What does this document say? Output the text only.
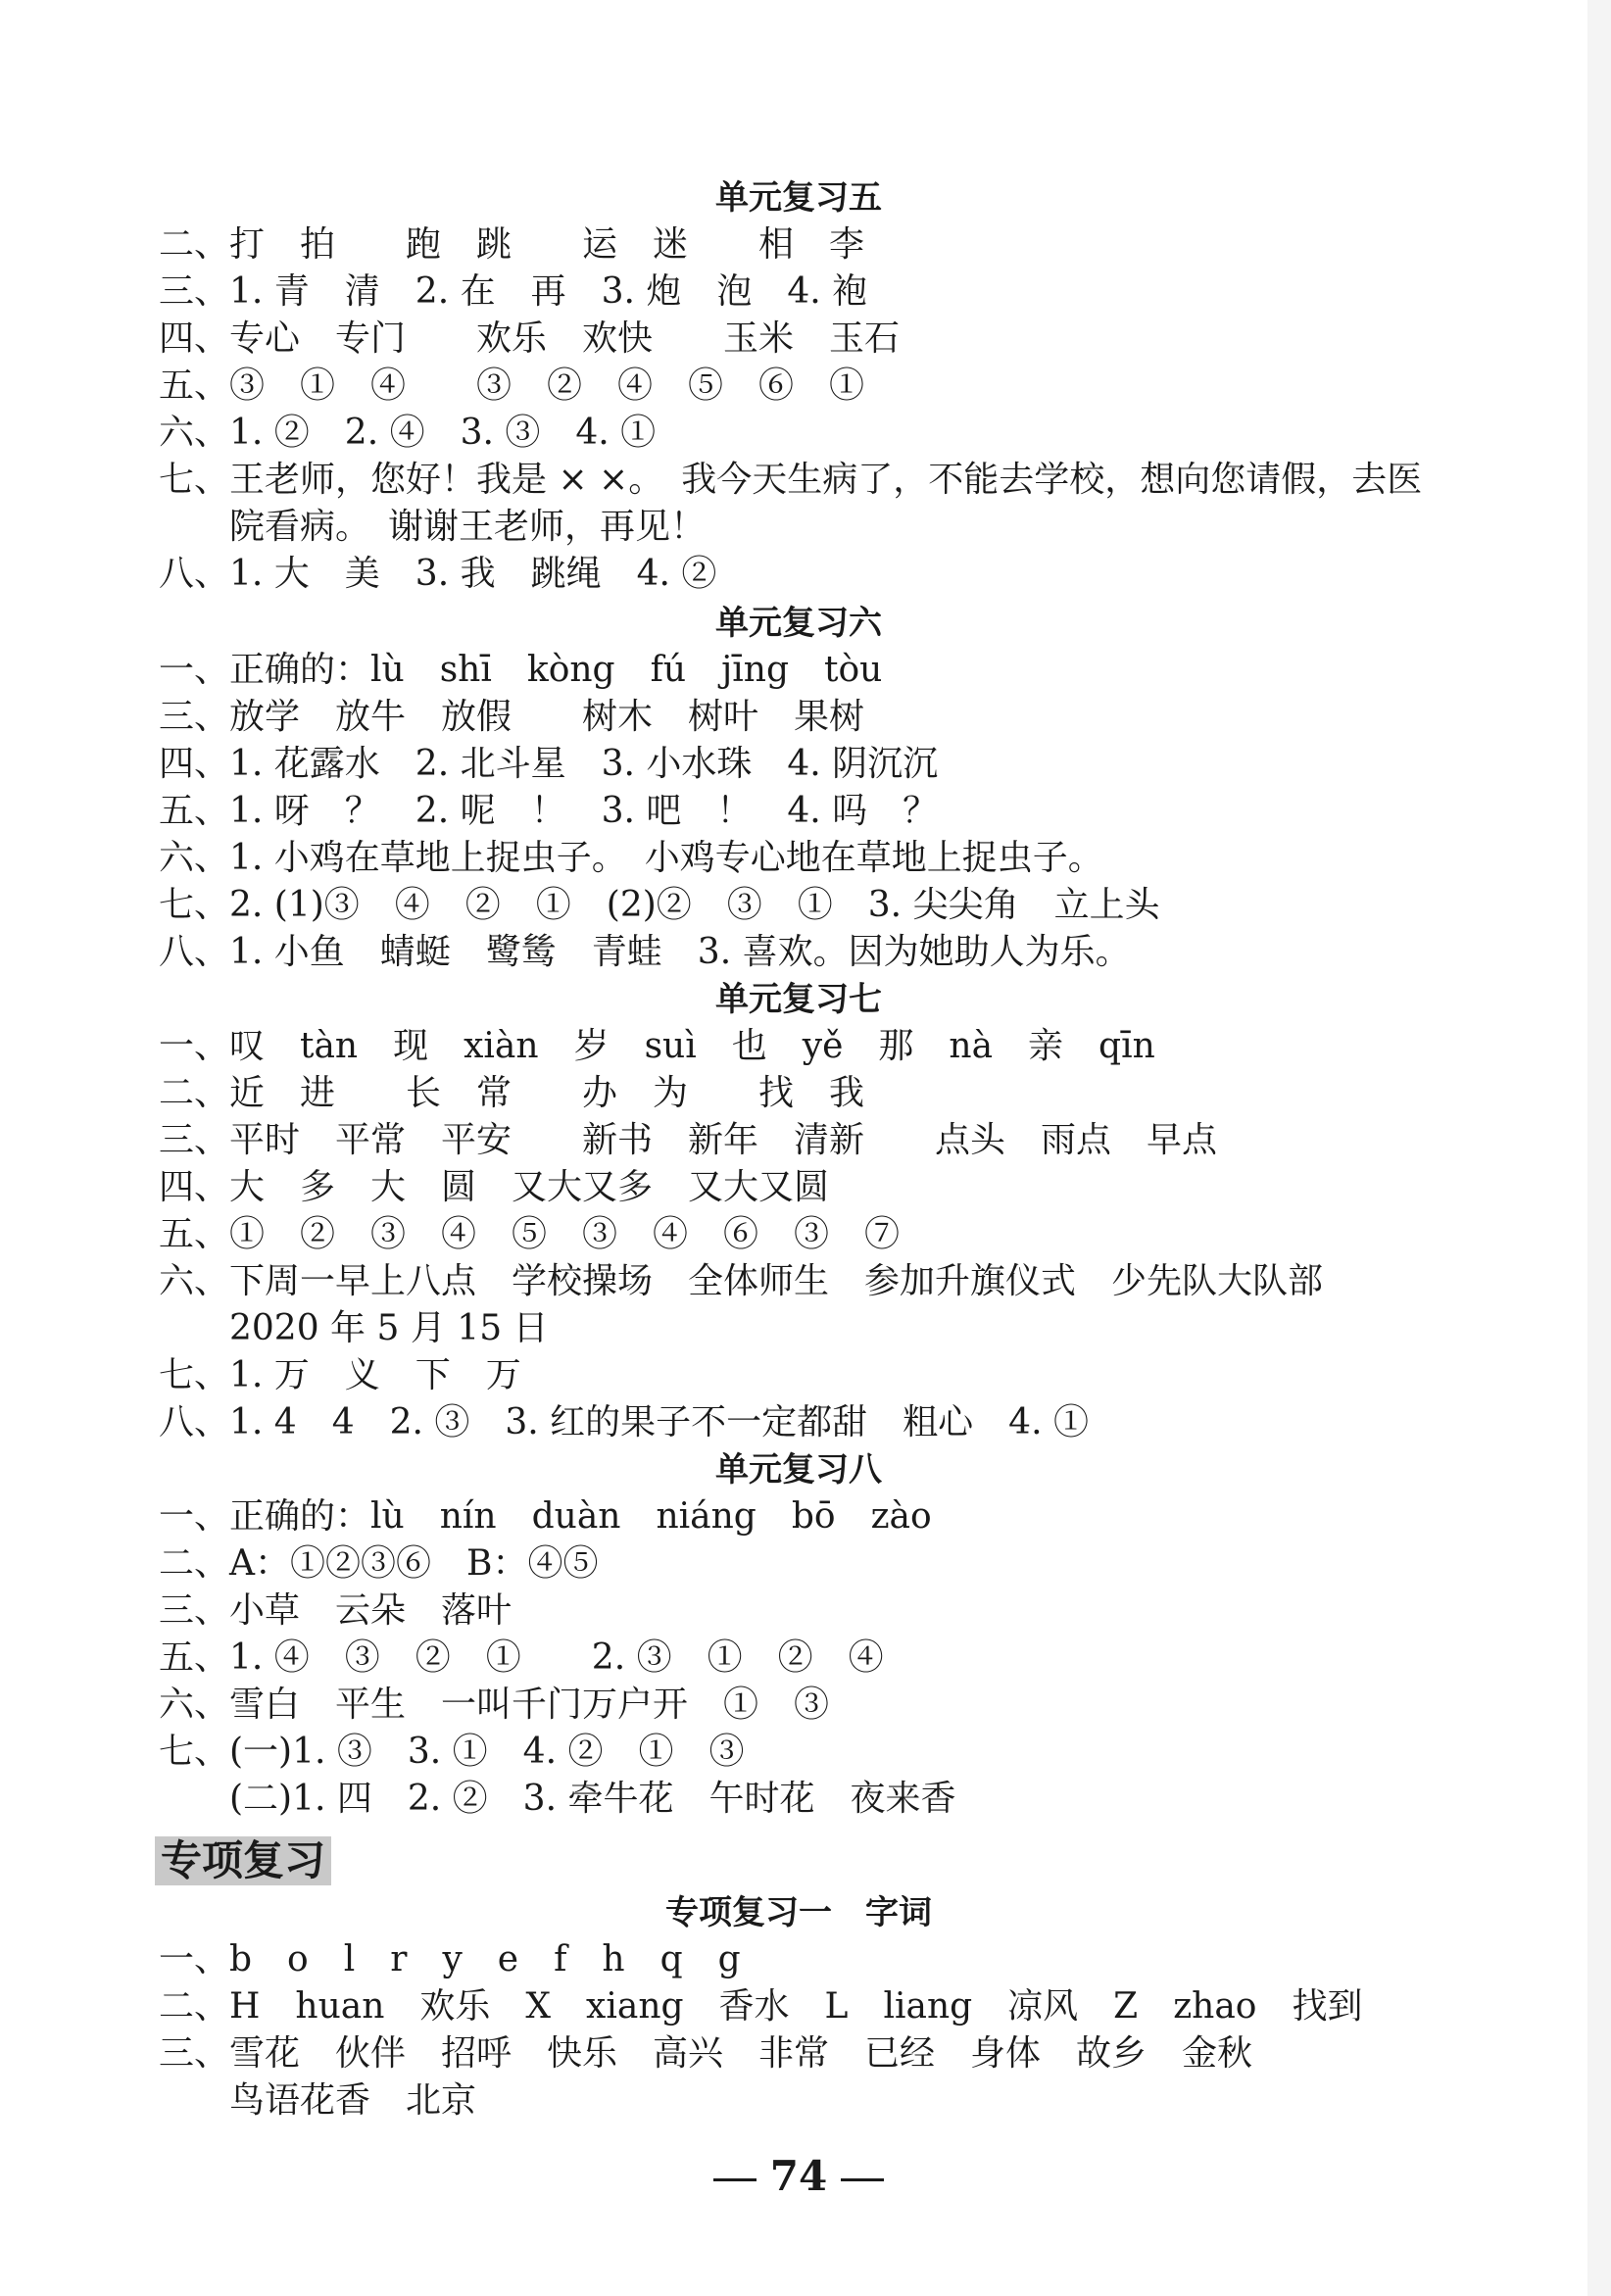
单元复习五
二、打　拍　　跑　跳　　运　迷　　相　李
三、1. 青　清　2. 在　再　3. 炮　泡　4. 袍
四、专心　专门　　欢乐　欢快　　玉米　玉石
五、③　①　④　　③　②　④　⑤　⑥　①
六、1. ②　2. ④　3. ③　4. ①
七、王老师，您好！我是 × ×。　我今天生病了，不能去学校，想向您请假，去医
　　院看病。　谢谢王老师，再见！
八、1. 大　美　3. 我　跳绳　4. ②
单元复习六
一、正确的：lù　shī　kòng　fú　jīng　tòu
三、放学　放牛　放假　　树木　树叶　果树
四、1. 花露水　2. 北斗星　3. 小水珠　4. 阴沉沉
五、1. 呀　？　2. 呢　！　3. 吧　！　4. 吗　？
六、1. 小鸡在草地上捉虫子。　小鸡专心地在草地上捉虫子。
七、2. (1)③　④　②　①　(2)②　③　①　3. 尖尖角　立上头
八、1. 小鱼　蜻蜓　鹭鸶　青蛙　3. 喜欢。因为她助人为乐。
单元复习七
一、叹　tàn　现　xiàn　岁　suì　也　yě　那　nà　亲　qīn
二、近　进　　长　常　　办　为　　找　我
三、平时　平常　平安　　新书　新年　清新　　点头　雨点　早点
四、大　多　大　圆　又大又多　又大又圆
五、①　②　③　④　⑤　③　④　⑥　③　⑦
六、下周一早上八点　学校操场　全体师生　参加升旗仪式　少先队大队部
　　2020 年 5 月 15 日
七、1. 万　义　下　万
八、1. 4　4　2. ③　3. 红的果子不一定都甜　粗心　4. ①
单元复习八
一、正确的：lù　nín　duàn　niáng　bō　zào
二、A：①②③⑥　B：④⑤
三、小草　云朵　落叶
五、1. ④　③　②　①　　2. ③　①　②　④
六、雪白　平生　一叫千门万户开　①　③
七、(一)1. ③　3. ①　4. ②　①　③
　　(二)1. 四　2. ②　3. 牵牛花　午时花　夜来香
专项复习
专项复习一　字词
一、b　o　l　r　y　e　f　h　q　g
二、H　huan　欢乐　X　xiang　香水　L　liang　凉风　Z　zhao　找到
三、雪花　伙伴　招呼　快乐　高兴　非常　已经　身体　故乡　金秋
　　鸟语花香　北京
74
